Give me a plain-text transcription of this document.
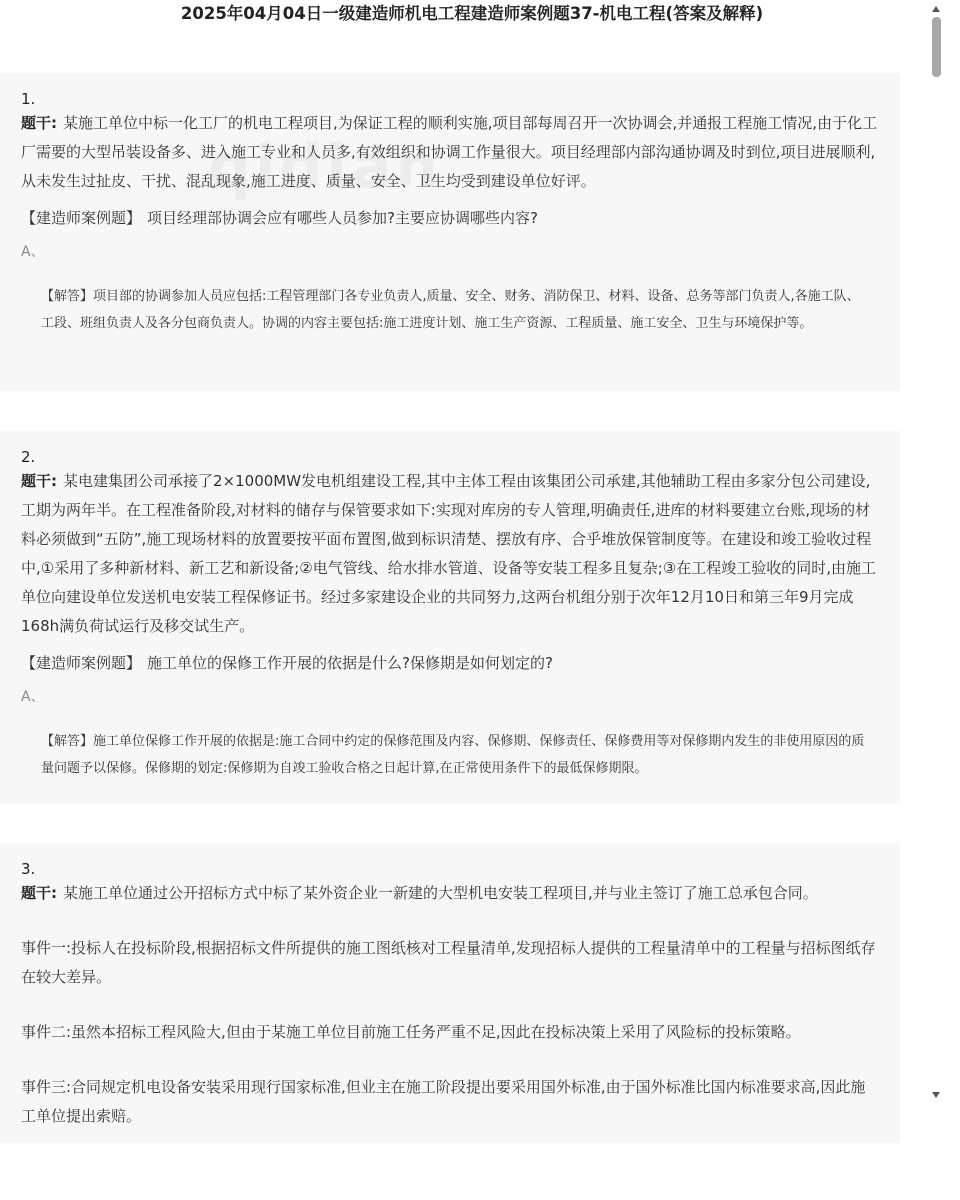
2025年04月04日一级建造师机电工程建造师案例题37-机电工程(答案及解释)
1.

题干: 某施工单位中标一化工厂的机电工程项目,为保证工程的顺利实施,项目部每周召开一次协调会,并通报工程施工情况,由于化工厂需要的大型吊装设备多、进入施工专业和人员多,有效组织和协调工作量很大。项目经理部内部沟通协调及时到位,项目进展顺利,从未发生过扯皮、干扰、混乱现象,施工进度、质量、安全、卫生均受到建设单位好评。

【建造师案例题】 项目经理部协调会应有哪些人员参加?主要应协调哪些内容?
A、
【解答】项目部的协调参加人员应包括:工程管理部门各专业负责人,质量、安全、财务、消防保卫、材料、设备、总务等部门负责人,各施工队、工段、班组负责人及各分包商负责人。协调的内容主要包括:施工进度计划、施工生产资源、工程质量、施工安全、卫生与环境保护等。
2.

题干: 某电建集团公司承接了2×1000MW发电机组建设工程,其中主体工程由该集团公司承建,其他辅助工程由多家分包公司建设,工期为两年半。在工程准备阶段,对材料的储存与保管要求如下:实现对库房的专人管理,明确责任,进库的材料要建立台账,现场的材料必须做到“五防”,施工现场材料的放置要按平面布置图,做到标识清楚、摆放有序、合乎堆放保管制度等。在建设和竣工验收过程中,①采用了多种新材料、新工艺和新设备;②电气管线、给水排水管道、设备等安装工程多且复杂;③在工程竣工验收的同时,由施工单位向建设单位发送机电安装工程保修证书。经过多家建设企业的共同努力,这两台机组分别于次年12月10日和第三年9月完成168h满负荷试运行及移交试生产。

【建造师案例题】 施工单位的保修工作开展的依据是什么?保修期是如何划定的?
A、
【解答】施工单位保修工作开展的依据是:施工合同中约定的保修范围及内容、保修期、保修责任、保修费用等对保修期内发生的非使用原因的质量问题予以保修。保修期的划定:保修期为自竣工验收合格之日起计算,在正常使用条件下的最低保修期限。
3.

题干: 某施工单位通过公开招标方式中标了某外资企业一新建的大型机电安装工程项目,并与业主签订了施工总承包合同。

事件一:投标人在投标阶段,根据招标文件所提供的施工图纸核对工程量清单,发现招标人提供的工程量清单中的工程量与招标图纸存在较大差异。
事件二:虽然本招标工程风险大,但由于某施工单位目前施工任务严重不足,因此在投标决策上采用了风险标的投标策略。
事件三:合同规定机电设备安装采用现行国家标准,但业主在施工阶段提出要采用国外标准,由于国外标准比国内标准要求高,因此施工单位提出索赔。
